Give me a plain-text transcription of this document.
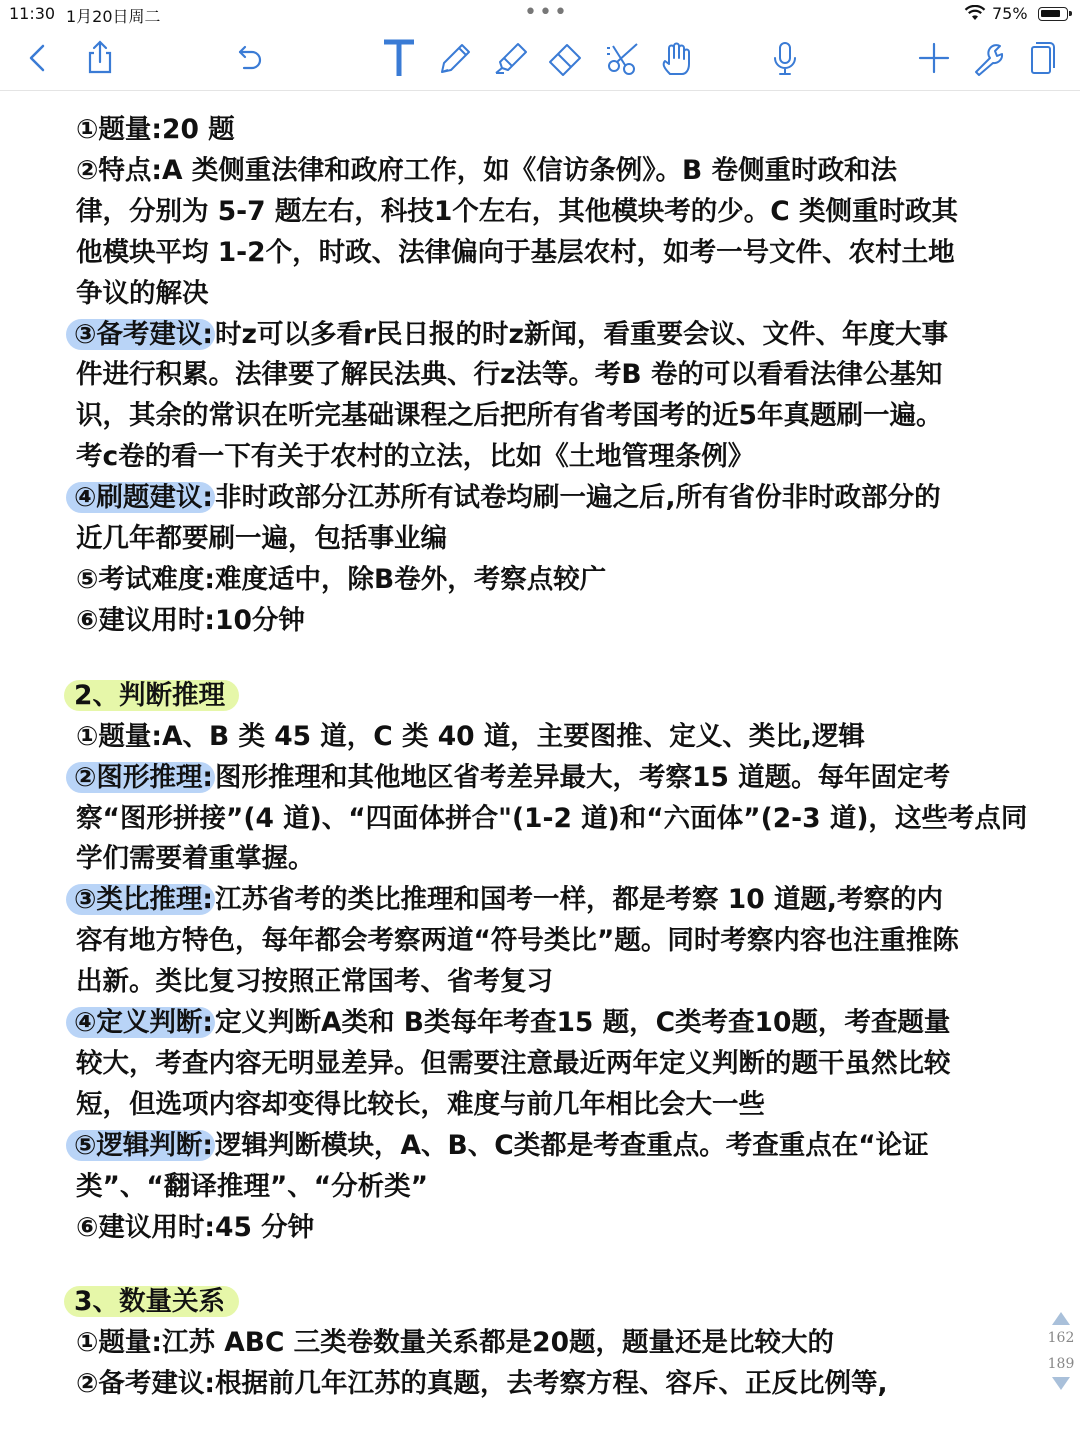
11:30 1月20日周二	•••	75%

①题量:20 题

②特点:A 类侧重法律和政府工作，如《信访条例》。B 卷侧重时政和法

律，分别为 5-7 题左右，科技1个左右，其他模块考的少。C 类侧重时政其

他模块平均 1-2个，时政、法律偏向于基层农村，如考一号文件、农村土地

争议的解决

③备考建议:时z可以多看r民日报的时z新闻，看重要会议、文件、年度大事

件进行积累。法律要了解民法典、行z法等。考B 卷的可以看看法律公基知

识，其余的常识在听完基础课程之后把所有省考国考的近5年真题刷一遍。

考c卷的看一下有关于农村的立法，比如《土地管理条例》

④刷题建议:非时政部分江苏所有试卷均刷一遍之后,所有省份非时政部分的

近几年都要刷一遍，包括事业编

⑤考试难度:难度适中，除B卷外，考察点较广

⑥建议用时:10分钟

2、判断推理

①题量:A、B 类 45 道，C 类 40 道，主要图推、定义、类比,逻辑

②图形推理:图形推理和其他地区省考差异最大，考察15 道题。每年固定考

察“图形拼接”(4 道)、“四面体拼合"(1-2 道)和“六面体”(2-3 道)，这些考点同

学们需要着重掌握。

③类比推理:江苏省考的类比推理和国考一样，都是考察 10 道题,考察的内

容有地方特色，每年都会考察两道“符号类比”题。同时考察内容也注重推陈

出新。类比复习按照正常国考、省考复习

④定义判断:定义判断A类和 B类每年考查15 题，C类考查10题，考查题量

较大，考查内容无明显差异。但需要注意最近两年定义判断的题干虽然比较

短，但选项内容却变得比较长，难度与前几年相比会大一些

⑤逻辑判断:逻辑判断模块，A、B、C类都是考查重点。考查重点在“论证

类”、“翻译推理”、“分析类”

⑥建议用时:45 分钟

3、数量关系

①题量:江苏 ABC 三类卷数量关系都是20题，题量还是比较大的

②备考建议:根据前几年江苏的真题，去考察方程、容斥、正反比例等,

162
189
